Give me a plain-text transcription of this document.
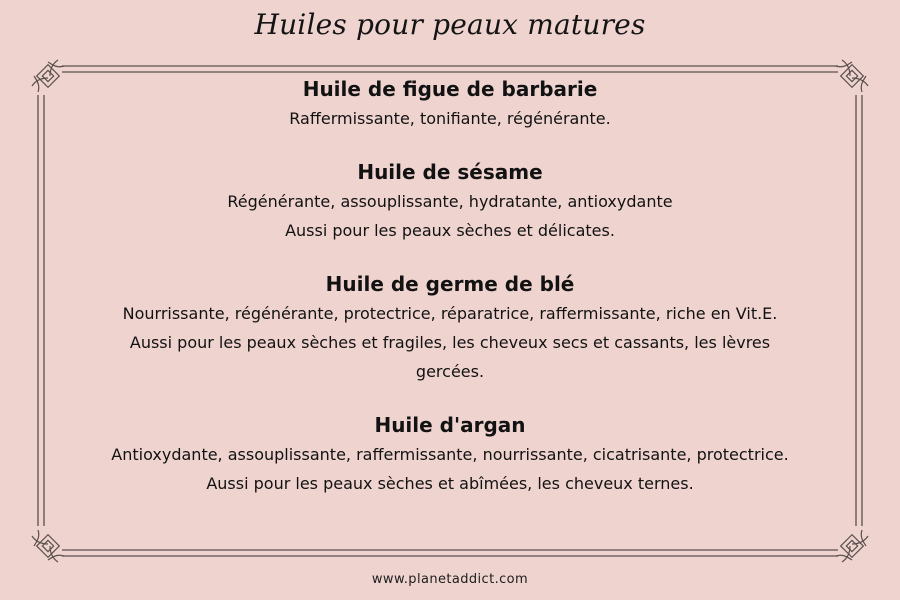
Huiles pour peaux matures

Huile de figue de barbarie

Raffermissante, tonifiante, régénérante.

Huile de sésame

Régénérante, assouplissante, hydratante, antioxydante

Aussi pour les peaux sèches et délicates.

Huile de germe de blé

Nourrissante, régénérante, protectrice, réparatrice, raffermissante, riche en Vit.E.

Aussi pour les peaux sèches et fragiles, les cheveux secs et cassants, les lèvres

gercées.

Huile d'argan

Antioxydante, assouplissante, raffermissante, nourrissante, cicatrisante, protectrice.

Aussi pour les peaux sèches et abîmées, les cheveux ternes.

www.planetaddict.com
